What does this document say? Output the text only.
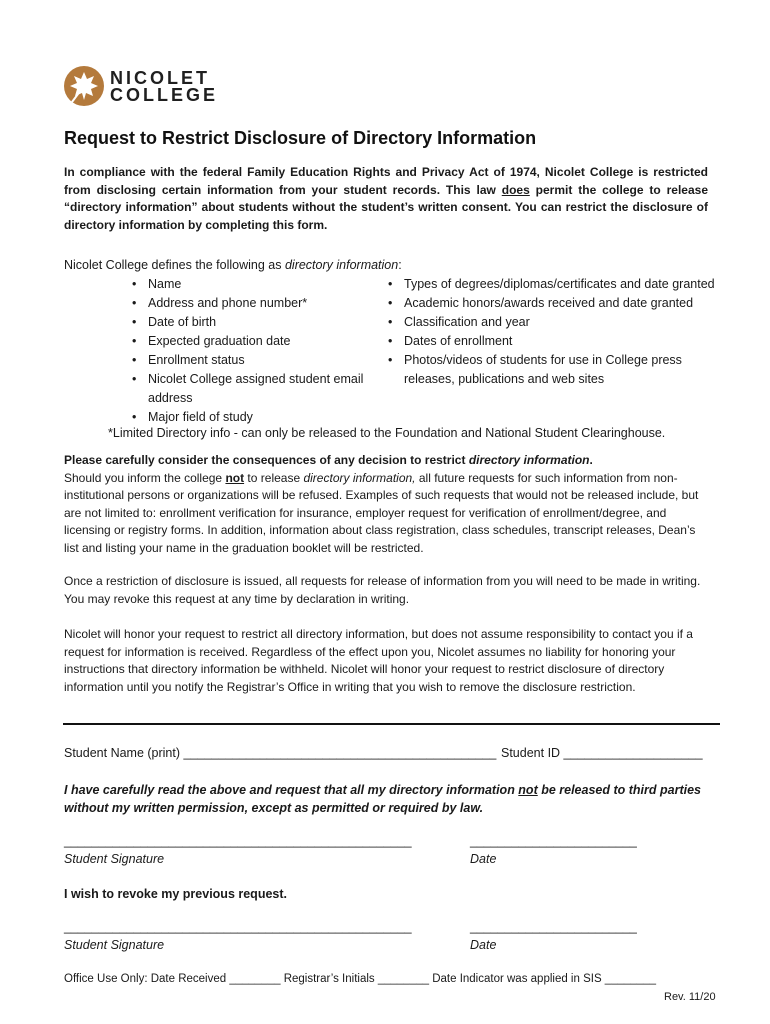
NICOLET
COLLEGE
Request to Restrict Disclosure of Directory Information
In compliance with the federal Family Education Rights and Privacy Act of 1974, Nicolet College is restricted from disclosing certain information from your student records. This law does permit the college to release “directory information” about students without the student’s written consent. You can restrict the disclosure of directory information by completing this form.
Nicolet College defines the following as directory information:
• Name
• Address and phone number*
• Date of birth
• Expected graduation date
• Enrollment status
• Nicolet College assigned student email address
• Major field of study
• Types of degrees/diplomas/certificates and date granted
• Academic honors/awards received and date granted
• Classification and year
• Dates of enrollment
• Photos/videos of students for use in College press releases, publications and web sites
*Limited Directory info - can only be released to the Foundation and National Student Clearinghouse.
Please carefully consider the consequences of any decision to restrict directory information.
Should you inform the college not to release directory information, all future requests for such information from non-institutional persons or organizations will be refused. Examples of such requests that would not be released include, but are not limited to: enrollment verification for insurance, employer request for verification of enrollment/degree, and licensing or registry forms. In addition, information about class registration, class schedules, transcript releases, Dean’s list and listing your name in the graduation booklet will be restricted.
Once a restriction of disclosure is issued, all requests for release of information from you will need to be made in writing. You may revoke this request at any time by declaration in writing.
Nicolet will honor your request to restrict all directory information, but does not assume responsibility to contact you if a request for information is received. Regardless of the effect upon you, Nicolet assumes no liability for honoring your instructions that directory information be withheld. Nicolet will honor your request to restrict disclosure of directory information until you notify the Registrar’s Office in writing that you wish to remove the disclosure restriction.
Student Name (print) _____________________________________________ Student ID ____________________
I have carefully read the above and request that all my directory information not be released to third parties without my written permission, except as permitted or required by law.
__________________________________________________	________________________
Student Signature	Date
I wish to revoke my previous request.
__________________________________________________	________________________
Student Signature	Date
Office Use Only: Date Received ________ Registrar’s Initials ________ Date Indicator was applied in SIS ________
Rev. 11/20
